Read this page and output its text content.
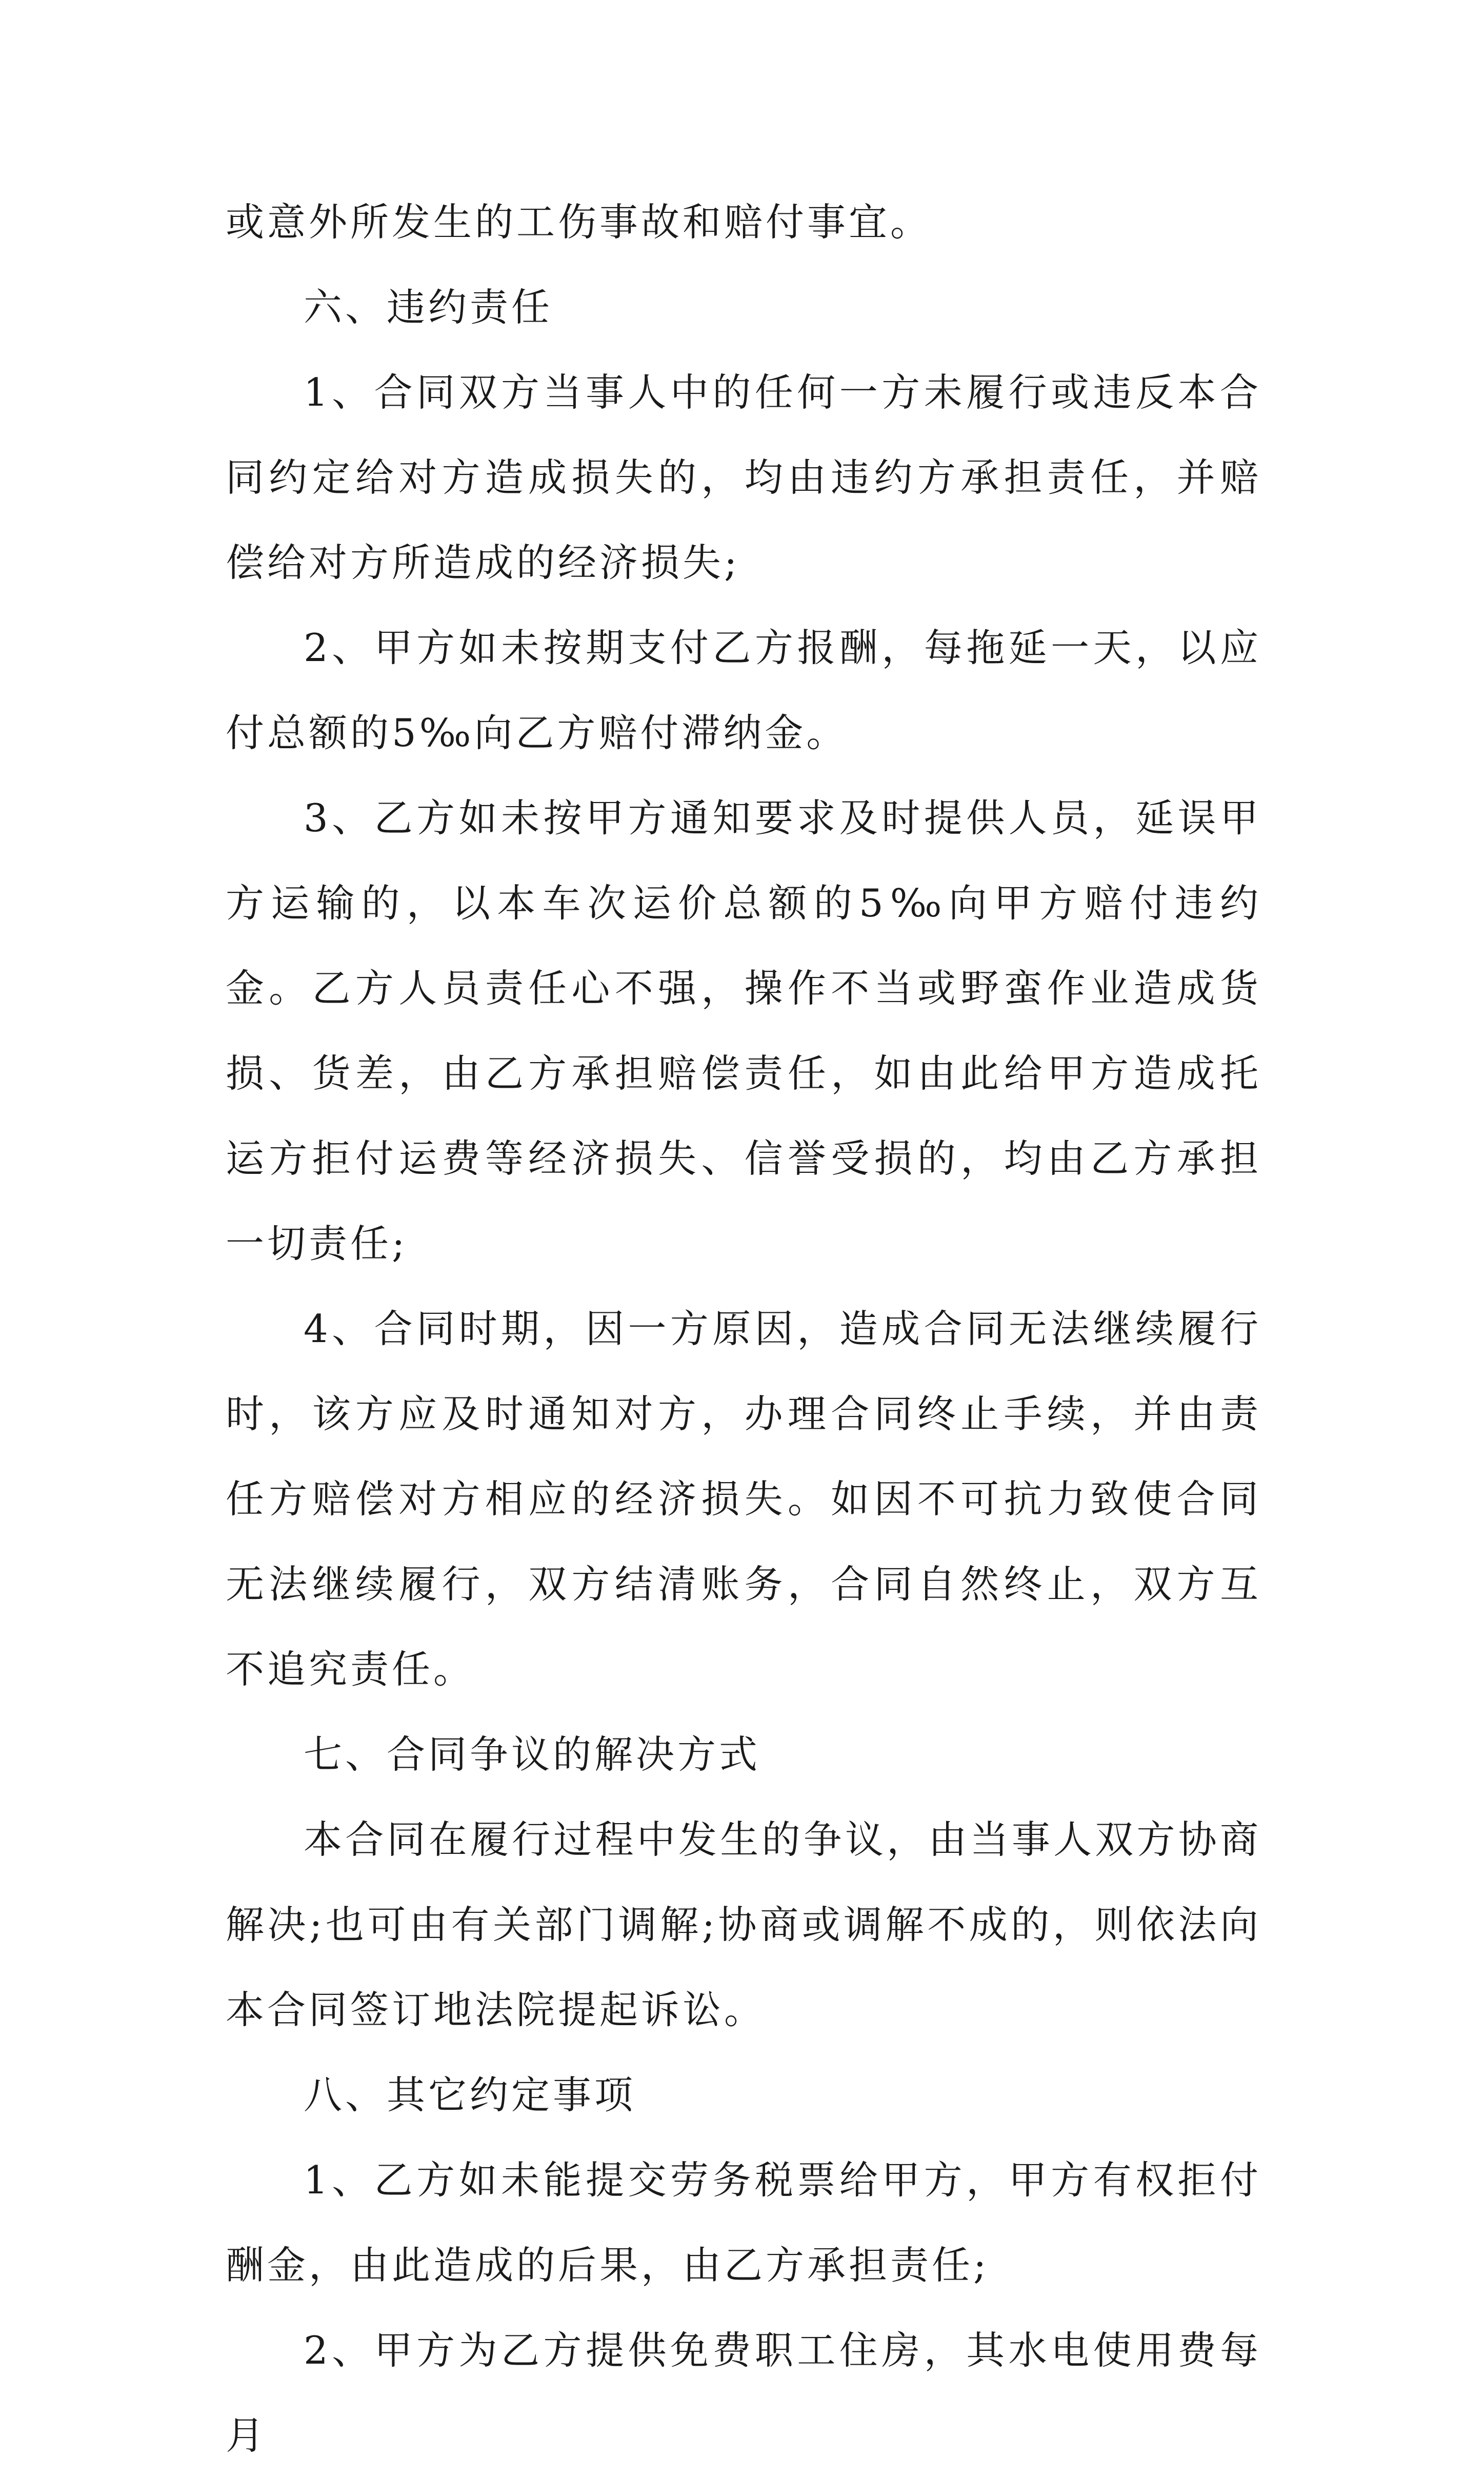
或意外所发生的工伤事故和赔付事宜。

六、违约责任

1、合同双方当事人中的任何一方未履行或违反本合同约定给对方造成损失的，均由违约方承担责任，并赔偿给对方所造成的经济损失;

2、甲方如未按期支付乙方报酬，每拖延一天，以应付总额的5‰向乙方赔付滞纳金。

3、乙方如未按甲方通知要求及时提供人员，延误甲方运输的，以本车次运价总额的5‰向甲方赔付违约金。乙方人员责任心不强，操作不当或野蛮作业造成货损、货差，由乙方承担赔偿责任，如由此给甲方造成托运方拒付运费等经济损失、信誉受损的，均由乙方承担一切责任;

4、合同时期，因一方原因，造成合同无法继续履行时，该方应及时通知对方，办理合同终止手续，并由责任方赔偿对方相应的经济损失。如因不可抗力致使合同无法继续履行，双方结清账务，合同自然终止，双方互不追究责任。

七、合同争议的解决方式

本合同在履行过程中发生的争议，由当事人双方协商解决;也可由有关部门调解;协商或调解不成的，则依法向本合同签订地法院提起诉讼。

八、其它约定事项

1、乙方如未能提交劳务税票给甲方，甲方有权拒付酬金，由此造成的后果，由乙方承担责任;

2、甲方为乙方提供免费职工住房，其水电使用费每月
